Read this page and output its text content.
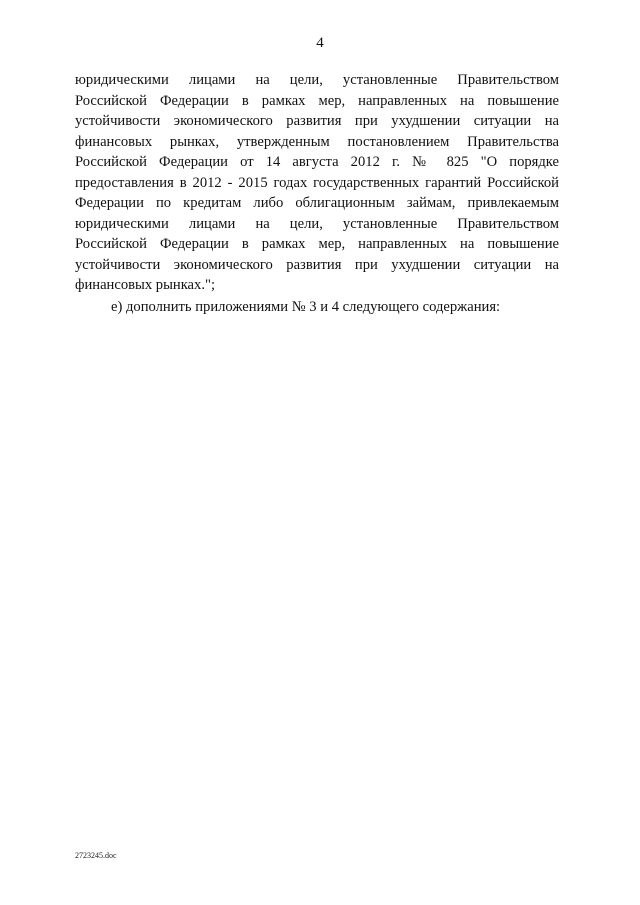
4
юридическими лицами на цели, установленные Правительством
Российской Федерации в рамках мер, направленных на повышение
устойчивости экономического развития при ухудшении ситуации на
финансовых рынках, утвержденным постановлением Правительства
Российской Федерации от 14 августа 2012 г. № 825 "О порядке
предоставления в 2012 - 2015 годах государственных гарантий Российской
Федерации по кредитам либо облигационным займам, привлекаемым
юридическими лицами на цели, установленные Правительством
Российской Федерации в рамках мер, направленных на повышение
устойчивости экономического развития при ухудшении ситуации на
финансовых рынках.";
е) дополнить приложениями № 3 и 4 следующего содержания:
2723245.doc
